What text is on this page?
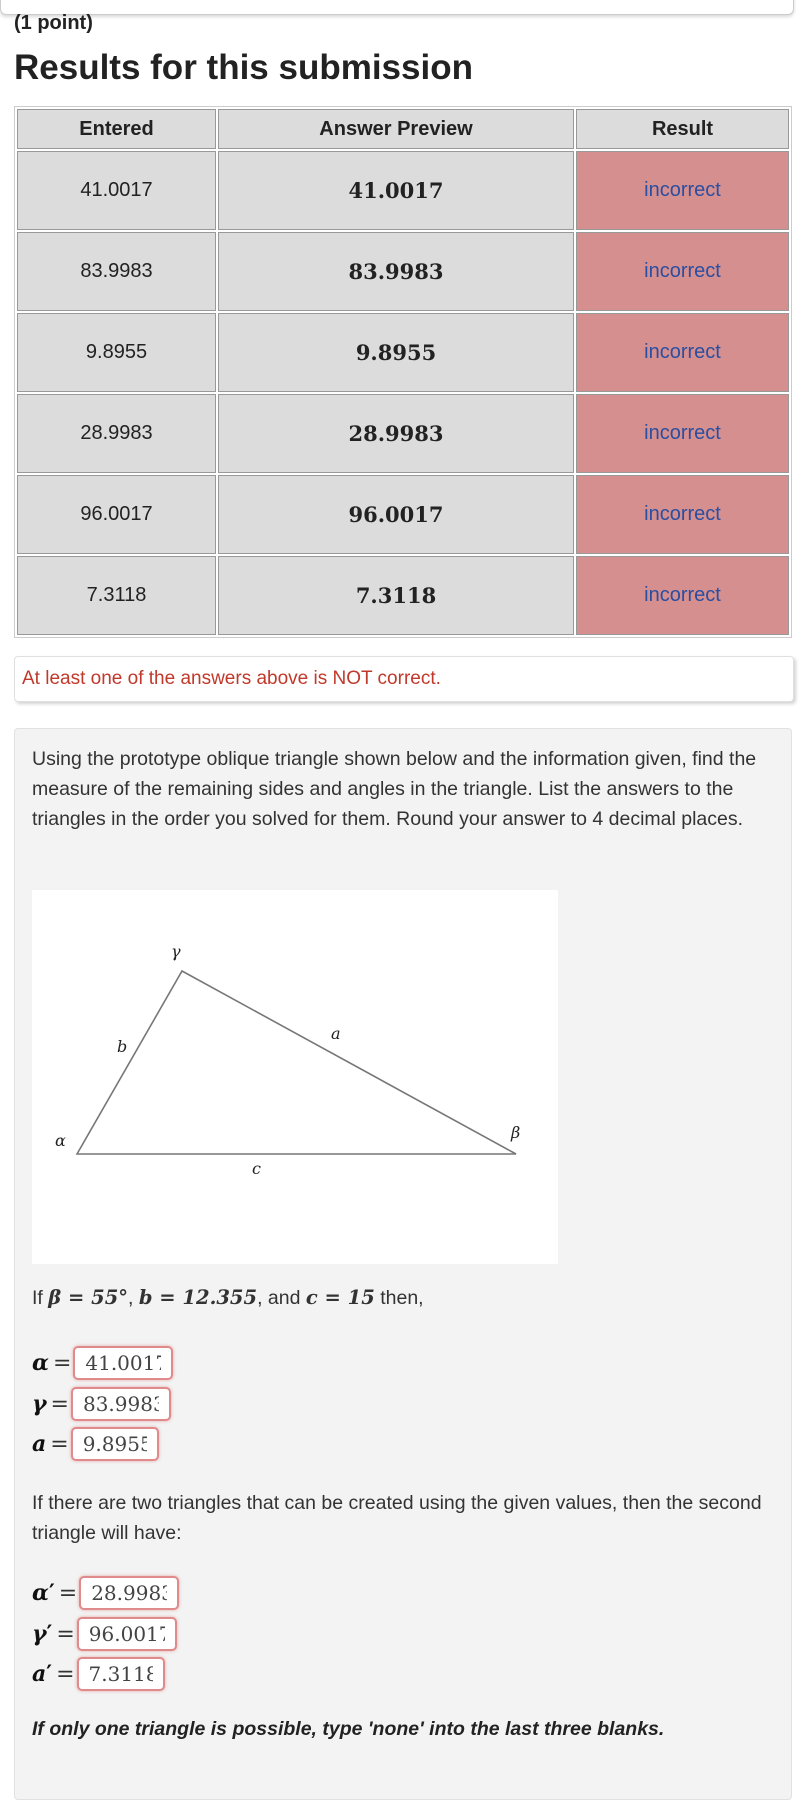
(1 point)
Results for this submission
Entered	Answer Preview	Result
41.0017	41.0017	incorrect
83.9983	83.9983	incorrect
9.8955	9.8955	incorrect
28.9983	28.9983	incorrect
96.0017	96.0017	incorrect
7.3118	7.3118	incorrect
At least one of the answers above is NOT correct.
Using the prototype oblique triangle shown below and the information given, find the measure of the remaining sides and angles in the triangle. List the answers to the triangles in the order you solved for them. Round your answer to 4 decimal places.
α
γ
β
b
a
c
If β = 55°, b = 12.355, and c = 15 then,
α =
41.0017
γ =
83.9983
a =
9.8955
If there are two triangles that can be created using the given values, then the second triangle will have:
α′ =
28.9983
γ′ =
96.0017
a′ =
7.3118
If only one triangle is possible, type 'none' into the last three blanks.
